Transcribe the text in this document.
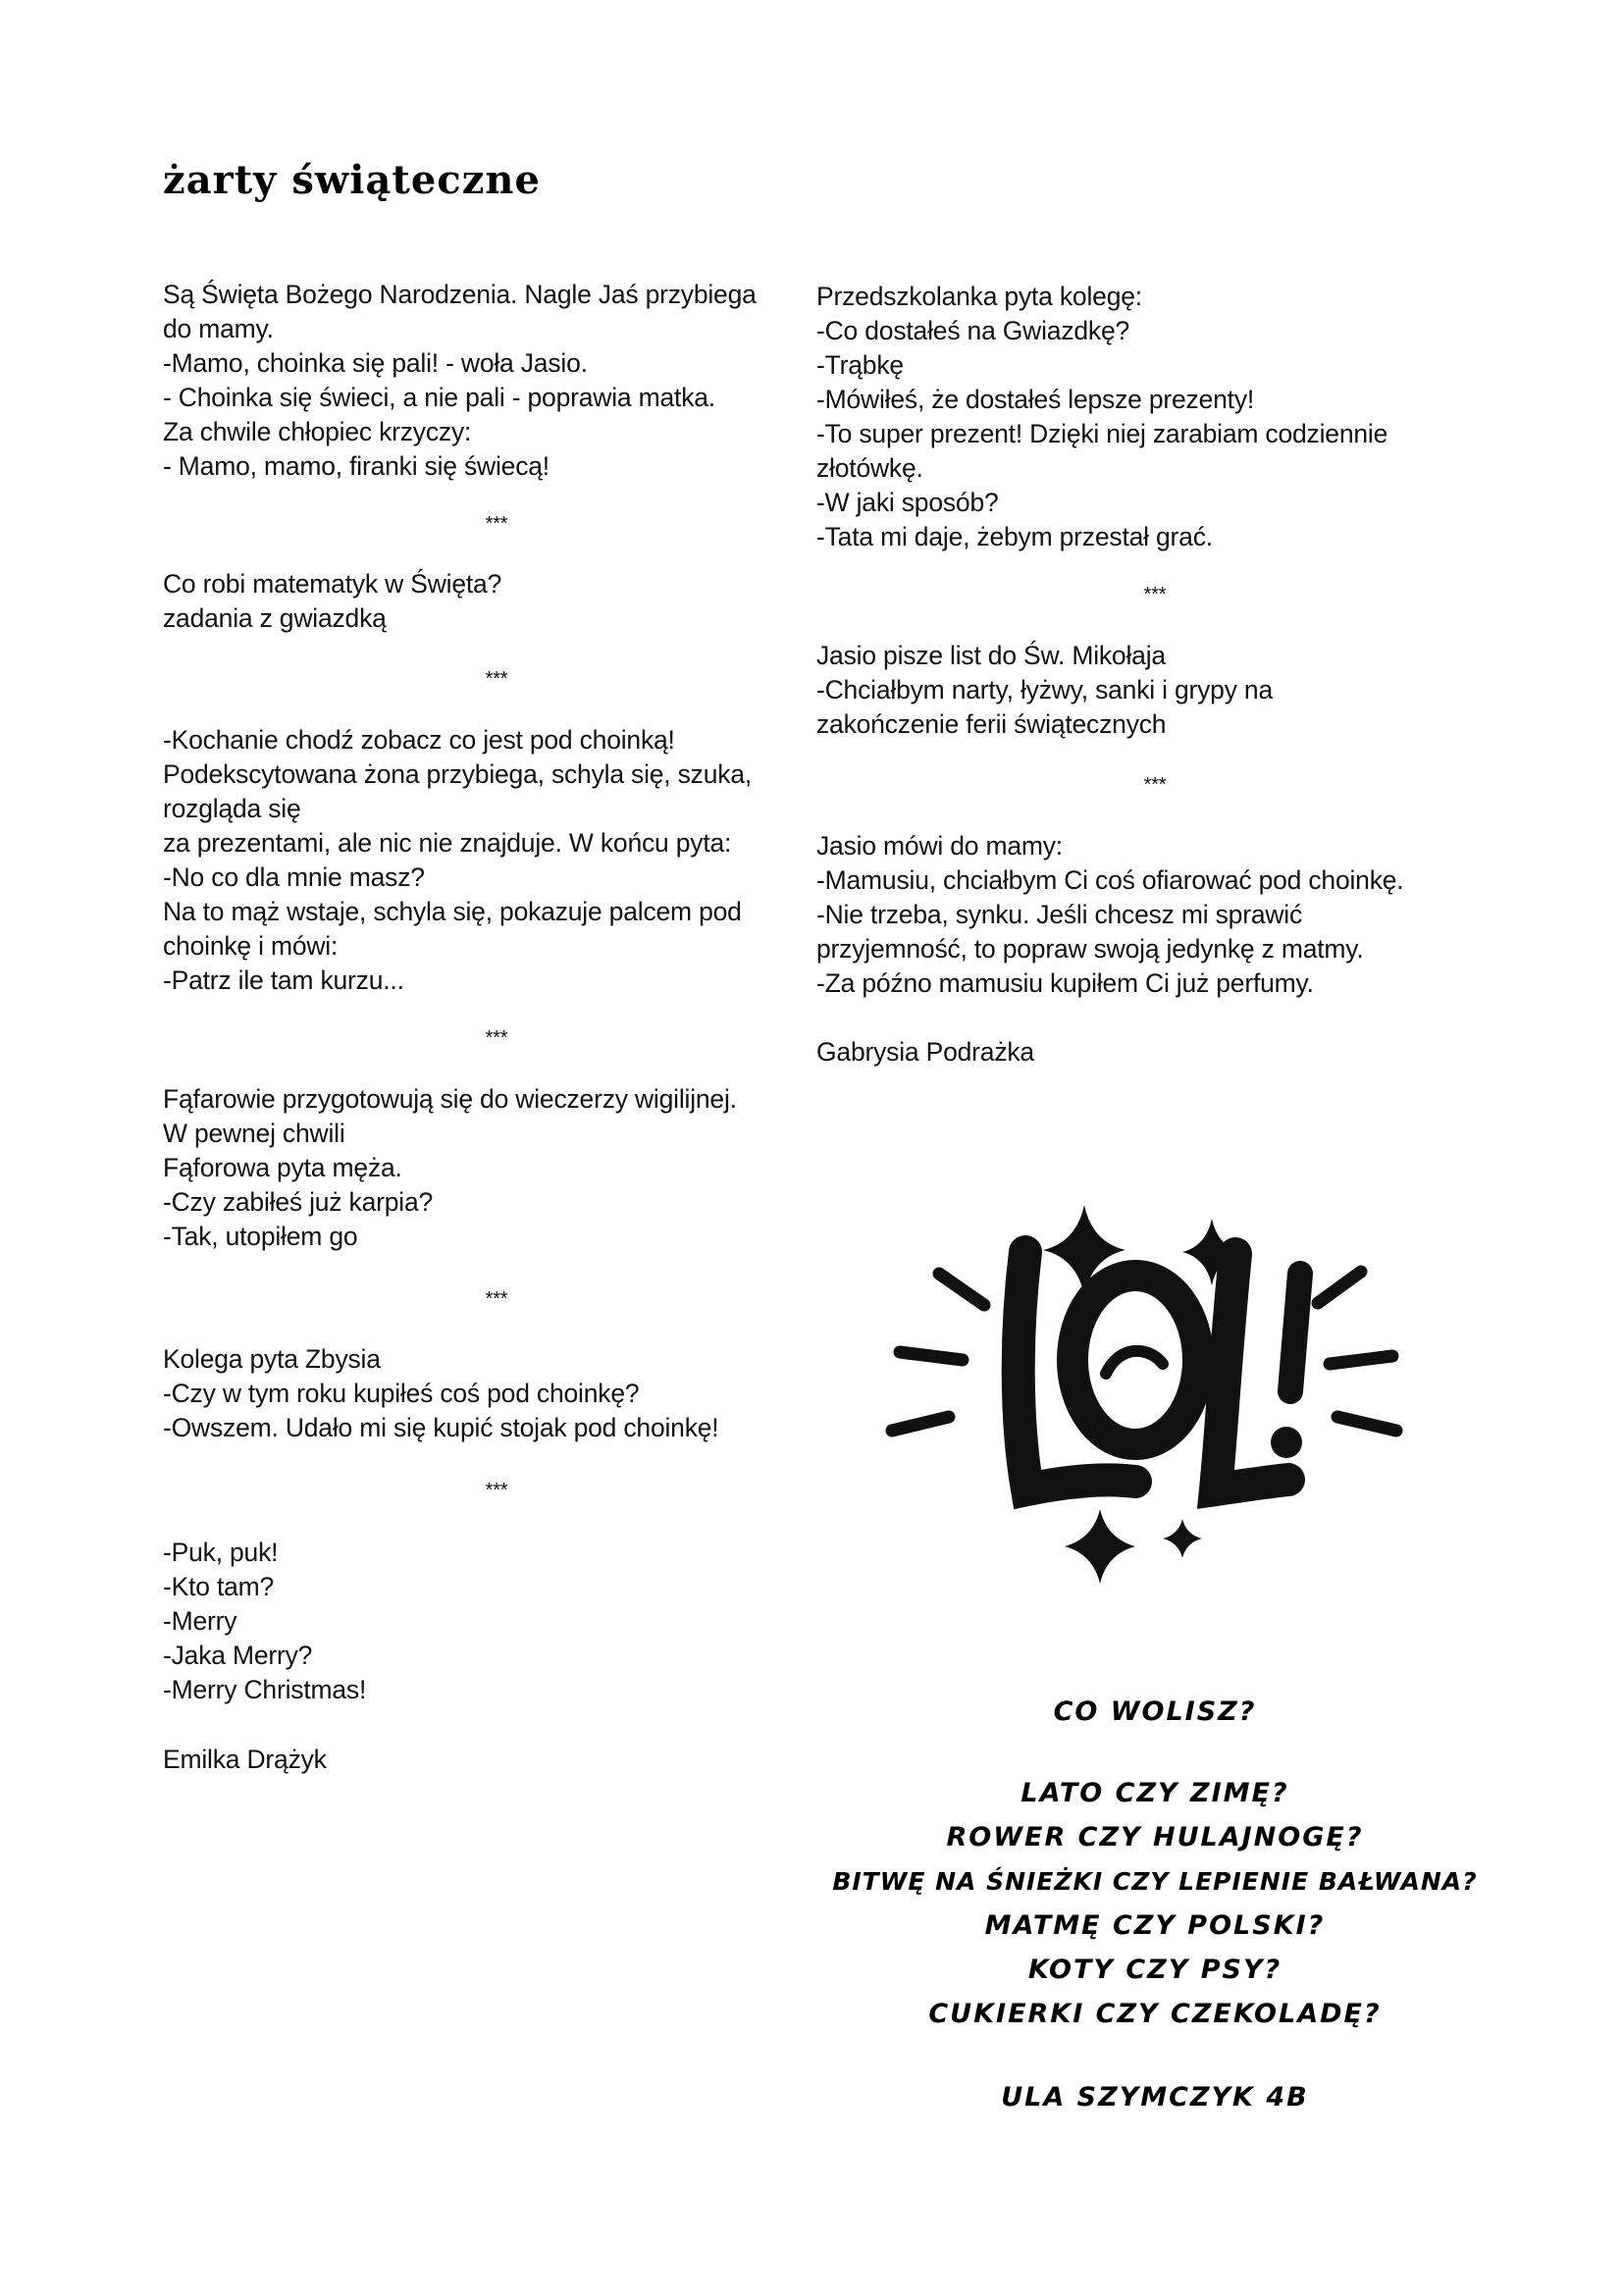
żarty świąteczne
Są Święta Bożego Narodzenia. Nagle Jaś przybiega
do mamy.
-Mamo, choinka się pali! - woła Jasio.
- Choinka się świeci, a nie pali - poprawia matka.
Za chwile chłopiec krzyczy:
- Mamo, mamo, firanki się świecą!
***
Co robi matematyk w Święta?
zadania z gwiazdką
***
-Kochanie chodź zobacz co jest pod choinką!
Podekscytowana żona przybiega, schyla się, szuka,
rozgląda się
za prezentami, ale nic nie znajduje. W końcu pyta:
-No co dla mnie masz?
Na to mąż wstaje, schyla się, pokazuje palcem pod
choinkę i mówi:
-Patrz ile tam kurzu...
***
Fąfarowie przygotowują się do wieczerzy wigilijnej.
W pewnej chwili
Fąforowa pyta męża.
-Czy zabiłeś już karpia?
-Tak, utopiłem go
***
Kolega pyta Zbysia
-Czy w tym roku kupiłeś coś pod choinkę?
-Owszem. Udało mi się kupić stojak pod choinkę!
***
-Puk, puk!
-Kto tam?
-Merry
-Jaka Merry?
-Merry Christmas!
Emilka Drążyk
Przedszkolanka pyta kolegę:
-Co dostałeś na Gwiazdkę?
-Trąbkę
-Mówiłeś, że dostałeś lepsze prezenty!
-To super prezent! Dzięki niej zarabiam codziennie
złotówkę.
-W jaki sposób?
-Tata mi daje, żebym przestał grać.
***
Jasio pisze list do Św. Mikołaja
-Chciałbym narty, łyżwy, sanki i grypy na
zakończenie ferii świątecznych
***
Jasio mówi do mamy:
-Mamusiu, chciałbym Ci coś ofiarować pod choinkę.
-Nie trzeba, synku. Jeśli chcesz mi sprawić
przyjemność, to popraw swoją jedynkę z matmy.
-Za późno mamusiu kupiłem Ci już perfumy.
Gabrysia Podrażka
CO WOLISZ?
LATO CZY ZIMĘ?
ROWER CZY HULAJNOGĘ?
BITWĘ NA ŚNIEŻKI CZY LEPIENIE BAŁWANA?
MATMĘ CZY POLSKI?
KOTY CZY PSY?
CUKIERKI CZY CZEKOLADĘ?
ULA SZYMCZYK 4B
